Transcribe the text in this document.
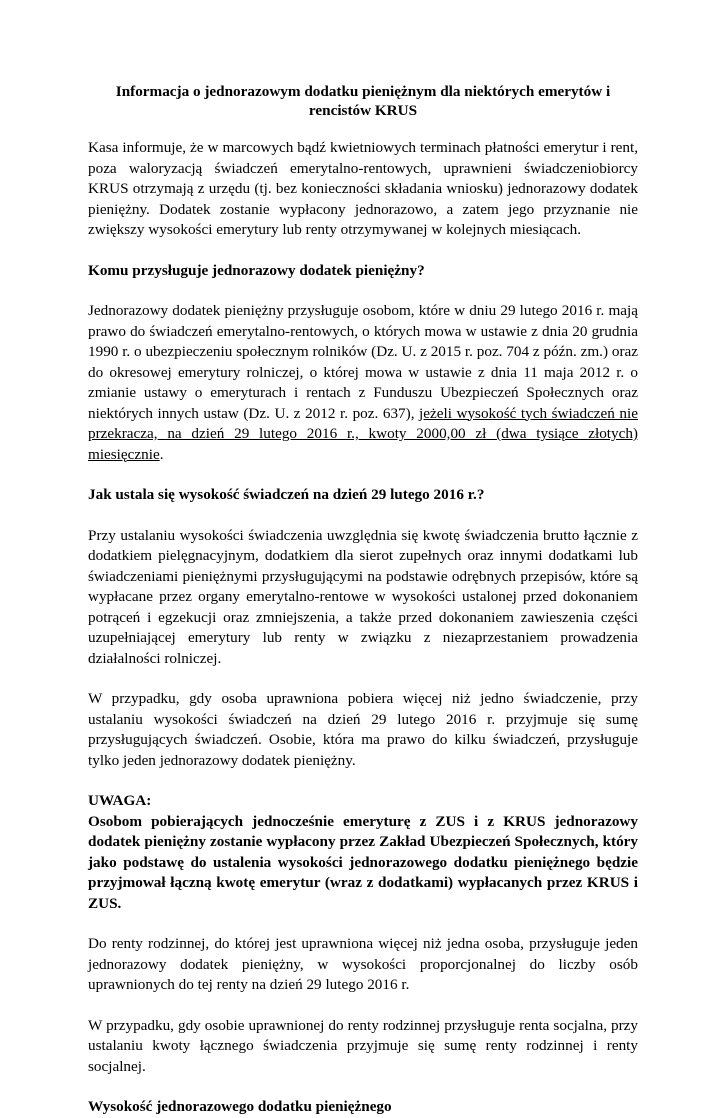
Informacja o jednorazowym dodatku pieniężnym dla niektórych emerytów i rencistów KRUS

Kasa informuje, że w marcowych bądź kwietniowych terminach płatności emerytur i rent, poza waloryzacją świadczeń emerytalno-rentowych, uprawnieni świadczeniobiorcy KRUS otrzymają z urzędu (tj. bez konieczności składania wniosku) jednorazowy dodatek pieniężny. Dodatek zostanie wypłacony jednorazowo, a zatem jego przyznanie nie zwiększy wysokości emerytury lub renty otrzymywanej w kolejnych miesiącach.

Komu przysługuje jednorazowy dodatek pieniężny?

Jednorazowy dodatek pieniężny przysługuje osobom, które w dniu 29 lutego 2016 r. mają prawo do świadczeń emerytalno-rentowych, o których mowa w ustawie z dnia 20 grudnia 1990 r. o ubezpieczeniu społecznym rolników (Dz. U. z 2015 r. poz. 704 z późn. zm.) oraz do okresowej emerytury rolniczej, o której mowa w ustawie z dnia 11 maja 2012 r. o zmianie ustawy o emeryturach i rentach z Funduszu Ubezpieczeń Społecznych oraz niektórych innych ustaw (Dz. U. z 2012 r. poz. 637), jeżeli wysokość tych świadczeń nie przekracza, na dzień 29 lutego 2016 r., kwoty 2000,00 zł (dwa tysiące złotych) miesięcznie.

Jak ustala się wysokość świadczeń na dzień 29 lutego 2016 r.?

Przy ustalaniu wysokości świadczenia uwzględnia się kwotę świadczenia brutto łącznie z dodatkiem pielęgnacyjnym, dodatkiem dla sierot zupełnych oraz innymi dodatkami lub świadczeniami pieniężnymi przysługującymi na podstawie odrębnych przepisów, które są wypłacane przez organy emerytalno-rentowe w wysokości ustalonej przed dokonaniem potrąceń i egzekucji oraz zmniejszenia, a także przed dokonaniem zawieszenia części uzupełniającej emerytury lub renty w związku z niezaprzestaniem prowadzenia działalności rolniczej.

W przypadku, gdy osoba uprawniona pobiera więcej niż jedno świadczenie, przy ustalaniu wysokości świadczeń na dzień 29 lutego 2016 r. przyjmuje się sumę przysługujących świadczeń. Osobie, która ma prawo do kilku świadczeń, przysługuje tylko jeden jednorazowy dodatek pieniężny.

UWAGA:

Osobom pobierających jednocześnie emeryturę z ZUS i z KRUS jednorazowy dodatek pieniężny zostanie wypłacony przez Zakład Ubezpieczeń Społecznych, który jako podstawę do ustalenia wysokości jednorazowego dodatku pieniężnego będzie przyjmował łączną kwotę emerytur (wraz z dodatkami) wypłacanych przez KRUS i ZUS.

Do renty rodzinnej, do której jest uprawniona więcej niż jedna osoba, przysługuje jeden jednorazowy dodatek pieniężny, w wysokości proporcjonalnej do liczby osób uprawnionych do tej renty na dzień 29 lutego 2016 r.

W przypadku, gdy osobie uprawnionej do renty rodzinnej przysługuje renta socjalna, przy ustalaniu kwoty łącznego świadczenia przyjmuje się sumę renty rodzinnej i renty socjalnej.

Wysokość jednorazowego dodatku pieniężnego
